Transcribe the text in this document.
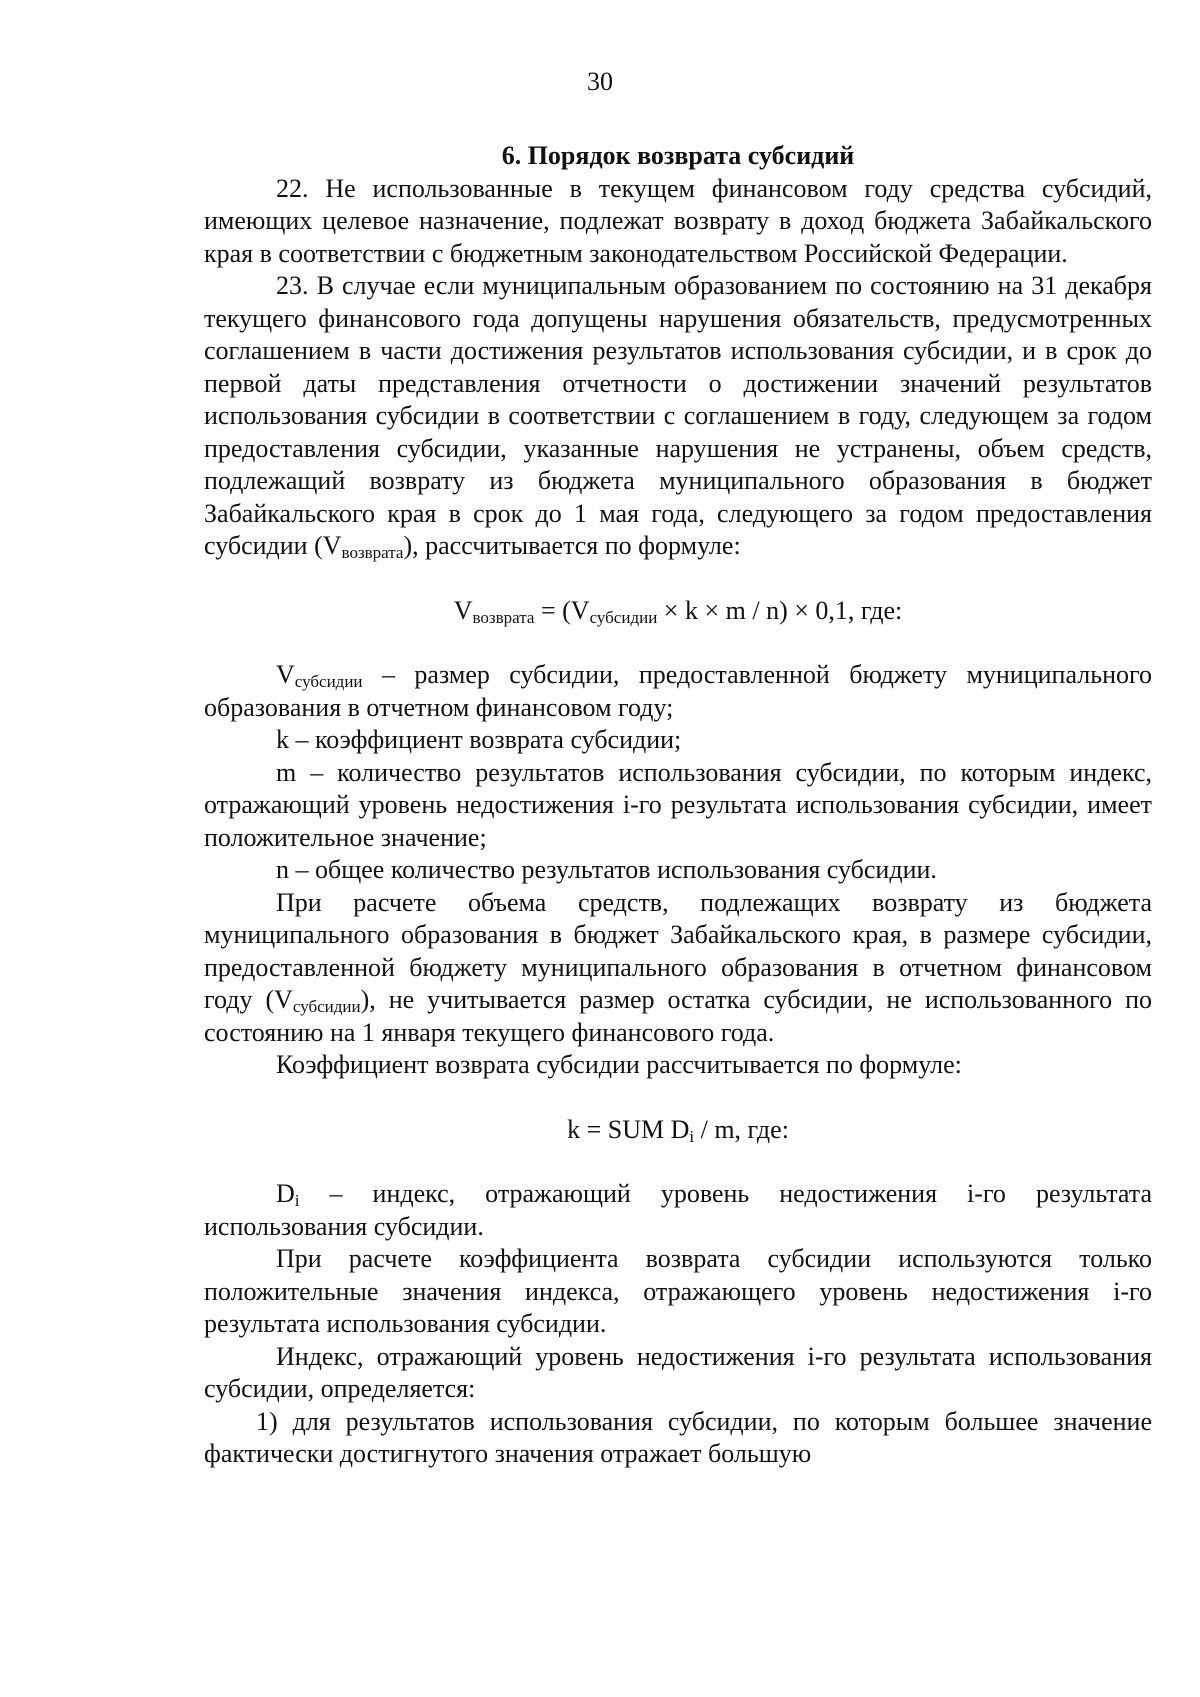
30
6. Порядок возврата субсидий

22. Не использованные в текущем финансовом году средства субсидий, имеющих целевое назначение, подлежат возврату в доход бюджета Забайкальского края в соответствии с бюджетным законодательством Российской Федерации.

23. В случае если муниципальным образованием по состоянию на 31 декабря текущего финансового года допущены нарушения обязательств, предусмотренных соглашением в части достижения результатов использования субсидии, и в срок до первой даты представления отчетности о достижении значений результатов использования субсидии в соответствии с соглашением в году, следующем за годом предоставления субсидии, указанные нарушения не устранены, объем средств, подлежащий возврату из бюджета муниципального образования в бюджет Забайкальского края в срок до 1 мая года, следующего за годом предоставления субсидии $(V_{возврата})$, рассчитывается по формуле:

$V_{возврата} = (V_{субсидии} \times k \times m / n) \times 0,1$, где:

$V_{субсидии}$ – размер субсидии, предоставленной бюджету муниципального образования в отчетном финансовом году;

k – коэффициент возврата субсидии;

m – количество результатов использования субсидии, по которым индекс, отражающий уровень недостижения i-го результата использования субсидии, имеет положительное значение;

n – общее количество результатов использования субсидии.

При расчете объема средств, подлежащих возврату из бюджета муниципального образования в бюджет Забайкальского края, в размере субсидии, предоставленной бюджету муниципального образования в отчетном финансовом году $(V_{субсидии})$, не учитывается размер остатка субсидии, не использованного по состоянию на 1 января текущего финансового года.

Коэффициент возврата субсидии рассчитывается по формуле:

k = SUM $D_i$ / m, где:

$D_i$ – индекс, отражающий уровень недостижения i-го результата использования субсидии.

При расчете коэффициента возврата субсидии используются только положительные значения индекса, отражающего уровень недостижения i-го результата использования субсидии.

Индекс, отражающий уровень недостижения i-го результата использования субсидии, определяется:

1) для результатов использования субсидии, по которым большее значение фактически достигнутого значения отражает большую
